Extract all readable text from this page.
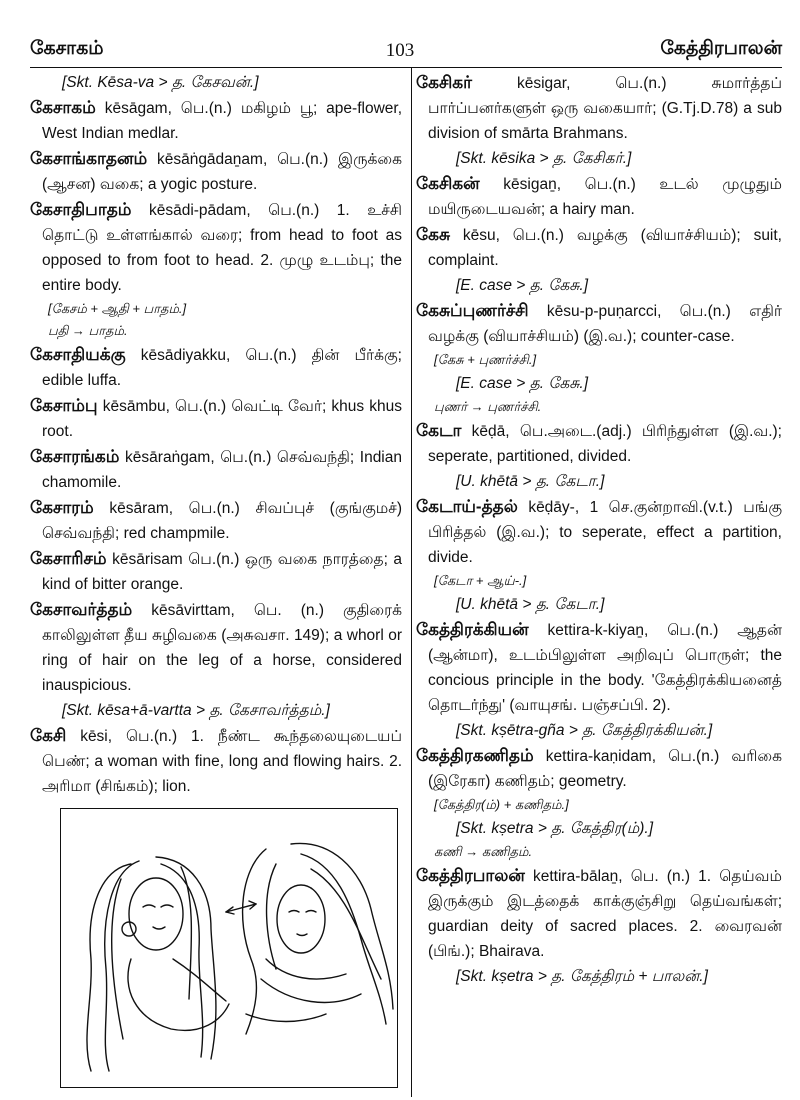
கேசாகம்	103	கேத்திரபாலன்

[Skt. Kēsa-va > த. கேசவன்.]

கேசாகம் kēsāgam, பெ.(n.) மகிழம் பூ; ape-flower, West Indian medlar.

கேசாங்காதனம் kēsāṅgādaṉam, பெ.(n.) இருக்கை (ஆசன) வகை; a yogic posture.

கேசாதிபாதம் kēsādi-pādam, பெ.(n.) 1. உச்சி தொட்டு உள்ளங்கால் வரை; from head to foot as opposed to from foot to head. 2. முழு உடம்பு; the entire body.

[கேசம் + ஆதி + பாதம்.]

பதி → பாதம்.

கேசாதியக்கு kēsādiyakku, பெ.(n.) தின் பீர்க்கு; edible luffa.

கேசாம்பு kēsāmbu, பெ.(n.) வெட்டி வேர்; khus khus root.

கேசாரங்கம் kēsāraṅgam, பெ.(n.) செவ்வந்தி; Indian chamomile.

கேசாரம் kēsāram, பெ.(n.) சிவப்புச் (குங்குமச்) செவ்வந்தி; red champmile.

கேசாரிசம் kēsārisam பெ.(n.) ஒரு வகை நாரத்தை; a kind of bitter orange.

கேசாவர்த்தம் kēsāvirttam, பெ. (n.) குதிரைக் காலிலுள்ள தீய சுழிவகை (அசுவசா. 149); a whorl or ring of hair on the leg of a horse, considered inauspicious.

[Skt. kēsa+ā-vartta > த. கேசாவர்த்தம்.]

கேசி kēsi, பெ.(n.) 1. நீண்ட கூந்தலையுடையப் பெண்; a woman with fine, long and flowing hairs. 2. அரிமா (சிங்கம்); lion.

கேசிகர்	kēsigar, பெ.(n.) சுமார்த்தப் பார்ப்பனர்களுள் ஒரு வகையார்; (G.Tj.D.78) a sub division of smārta Brahmans.

[Skt. kēsika > த. கேசிகர்.]

கேசிகன் kēsigaṉ, பெ.(n.) உடல் முழுதும் மயிருடையவன்; a hairy man.

கேசு kēsu, பெ.(n.) வழக்கு (வியாச்சியம்); suit, complaint.

[E. case > த. கேசு.]

கேசுப்புணர்ச்சி kēsu-p-puṇarcci, பெ.(n.) எதிர் வழக்கு (வியாச்சியம்) (இ.வ.); counter-case.

[கேசு + புணர்ச்சி.]

[E. case > த. கேசு.]

புணர் → புணர்ச்சி.

கேடா kēḍā, பெ.அடை.(adj.) பிரிந்துள்ள (இ.வ.); seperate, partitioned, divided.

[U. khētā > த. கேடா.]

கேடாய்-த்தல் kēḍāy-, 1 செ.குன்றாவி.(v.t.) பங்கு பிரித்தல் (இ.வ.); to seperate, effect a partition, divide.

[கேடா + ஆய்-.]

[U. khētā > த. கேடா.]

கேத்திரக்கியன் kettira-k-kiyaṉ, பெ.(n.) ஆதன் (ஆன்மா), உடம்பிலுள்ள அறிவுப் பொருள்; the concious principle in the body. 'கேத்திரக்கியனைத் தொடர்ந்து' (வாயுசங். பஞ்சப்பி. 2).

[Skt. kṣētra-gña > த. கேத்திரக்கியன்.]

கேத்திரகணிதம் kettira-kaṇidam, பெ.(n.) வரிகை (இரேகா) கணிதம்; geometry.

[கேத்திர(ம்) + கணிதம்.]

[Skt. kṣetra > த. கேத்திர(ம்).]

கணி → கணிதம்.

கேத்திரபாலன் kettira-bālaṉ, பெ. (n.) 1. தெய்வம் இருக்கும் இடத்தைக் காக்குஞ்சிறு தெய்வங்கள்; guardian deity of sacred places. 2. வைரவன் (பிங்.); Bhairava.

[Skt. kṣetra > த. கேத்திரம் + பாலன்.]
